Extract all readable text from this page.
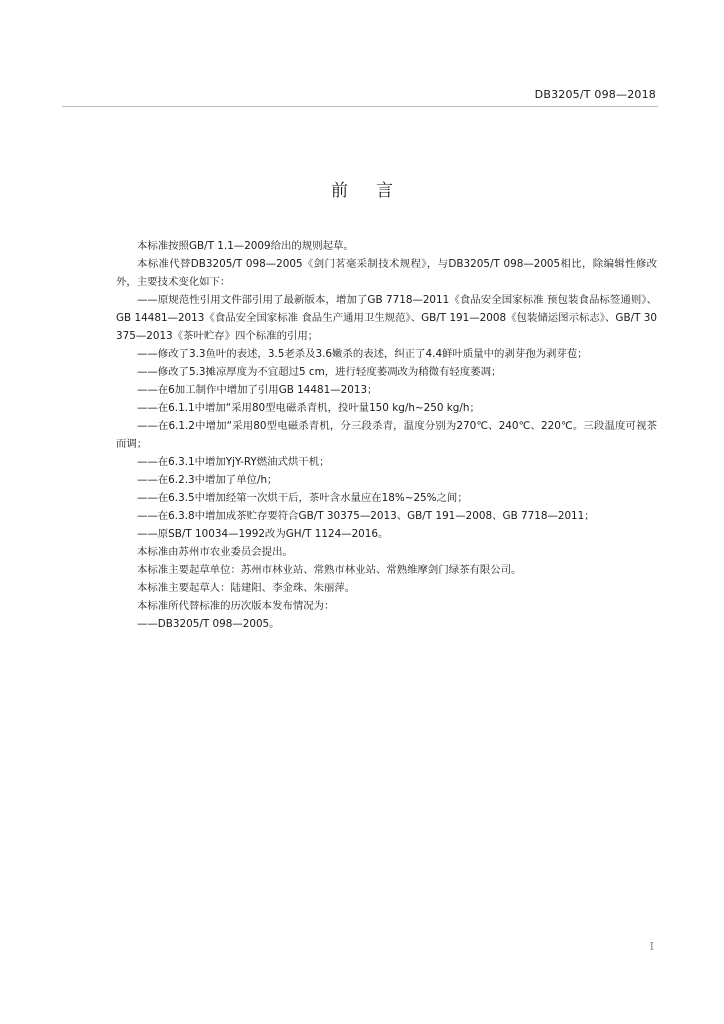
DB3205/T 098—2018
前言

本标准按照GB/T 1.1—2009给出的规则起草。

本标准代替DB3205/T 098—2005《剑门茗毫采制技术规程》，与DB3205/T 098—2005相比，除编辑性修改外，主要技术变化如下：

——原规范性引用文件部引用了最新版本，增加了GB 7718—2011《食品安全国家标准 预包装食品标签通则》、GB 14481—2013《食品安全国家标准 食品生产通用卫生规范》、GB/T 191—2008《包装储运图示标志》、GB/T 30375—2013《茶叶贮存》四个标准的引用；

——修改了3.3鱼叶的表述，3.5老杀及3.6嫩杀的表述，纠正了4.4鲜叶质量中的剥芽孢为剥芽苞；

——修改了5.3摊凉厚度为不宜超过5 cm，进行轻度萎凋改为稍微有轻度萎凋；

——在6加工制作中增加了引用GB 14481—2013；

——在6.1.1中增加“采用80型电磁杀青机，投叶量150 kg/h~250 kg/h；

——在6.1.2中增加“采用80型电磁杀青机，分三段杀青，温度分别为270℃、240℃、220℃。三段温度可视茶而调；

——在6.3.1中增加YjY-RY燃油式烘干机；

——在6.2.3中增加了单位/h；

——在6.3.5中增加经第一次烘干后，茶叶含水量应在18%~25%之间；

——在6.3.8中增加成茶贮存要符合GB/T 30375—2013、GB/T 191—2008、GB 7718—2011；

——原SB/T 10034—1992改为GH/T 1124—2016。

本标准由苏州市农业委员会提出。

本标准主要起草单位：苏州市林业站、常熟市林业站、常熟维摩剑门绿茶有限公司。

本标准主要起草人：陆建阳、李金珠、朱丽萍。

本标准所代替标准的历次版本发布情况为：

——DB3205/T 098—2005。

I
